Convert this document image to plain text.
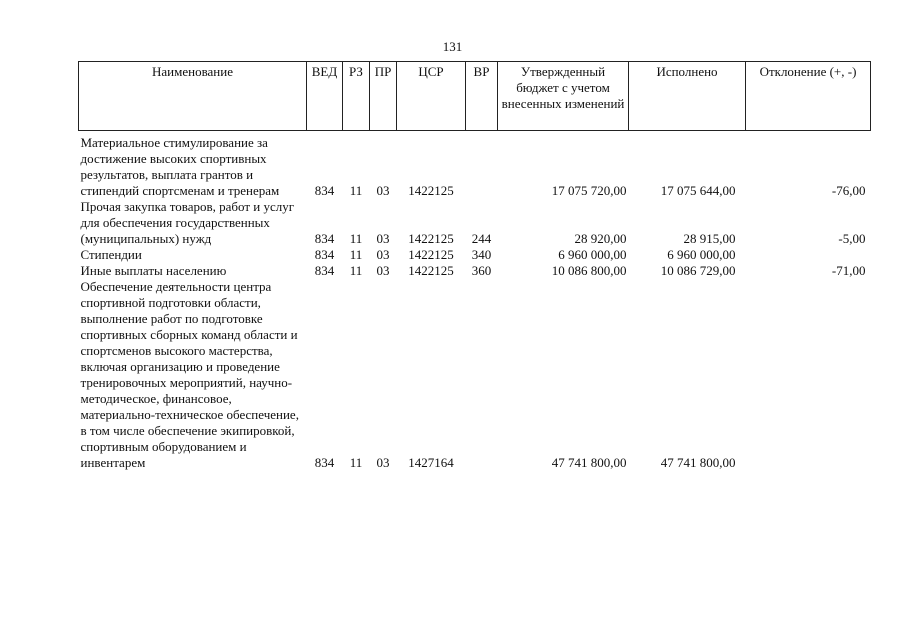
131
Наименование	ВЕД	РЗ	ПР	ЦСР	ВР	Утвержденный бюджет с учетом внесенных изменений	Исполнено	Отклонение (+, -)
Материальное стимулирование за достижение высоких спортивных результатов, выплата грантов и стипендий спортсменам и тренерам	834	11	03	1422125		17 075 720,00	17 075 644,00	-76,00
Прочая закупка товаров, работ и услуг для обеспечения государственных (муниципальных) нужд	834	11	03	1422125	244	28 920,00	28 915,00	-5,00
Стипендии	834	11	03	1422125	340	6 960 000,00	6 960 000,00	
Иные выплаты населению	834	11	03	1422125	360	10 086 800,00	10 086 729,00	-71,00
Обеспечение деятельности центра спортивной подготовки области, выполнение работ по подготовке спортивных сборных команд области и спортсменов высокого мастерства, включая организацию и проведение тренировочных мероприятий, научно-методическое, финансовое, материально-техническое обеспечение, в том числе обеспечение экипировкой, спортивным оборудованием и инвентарем	834	11	03	1427164		47 741 800,00	47 741 800,00	
